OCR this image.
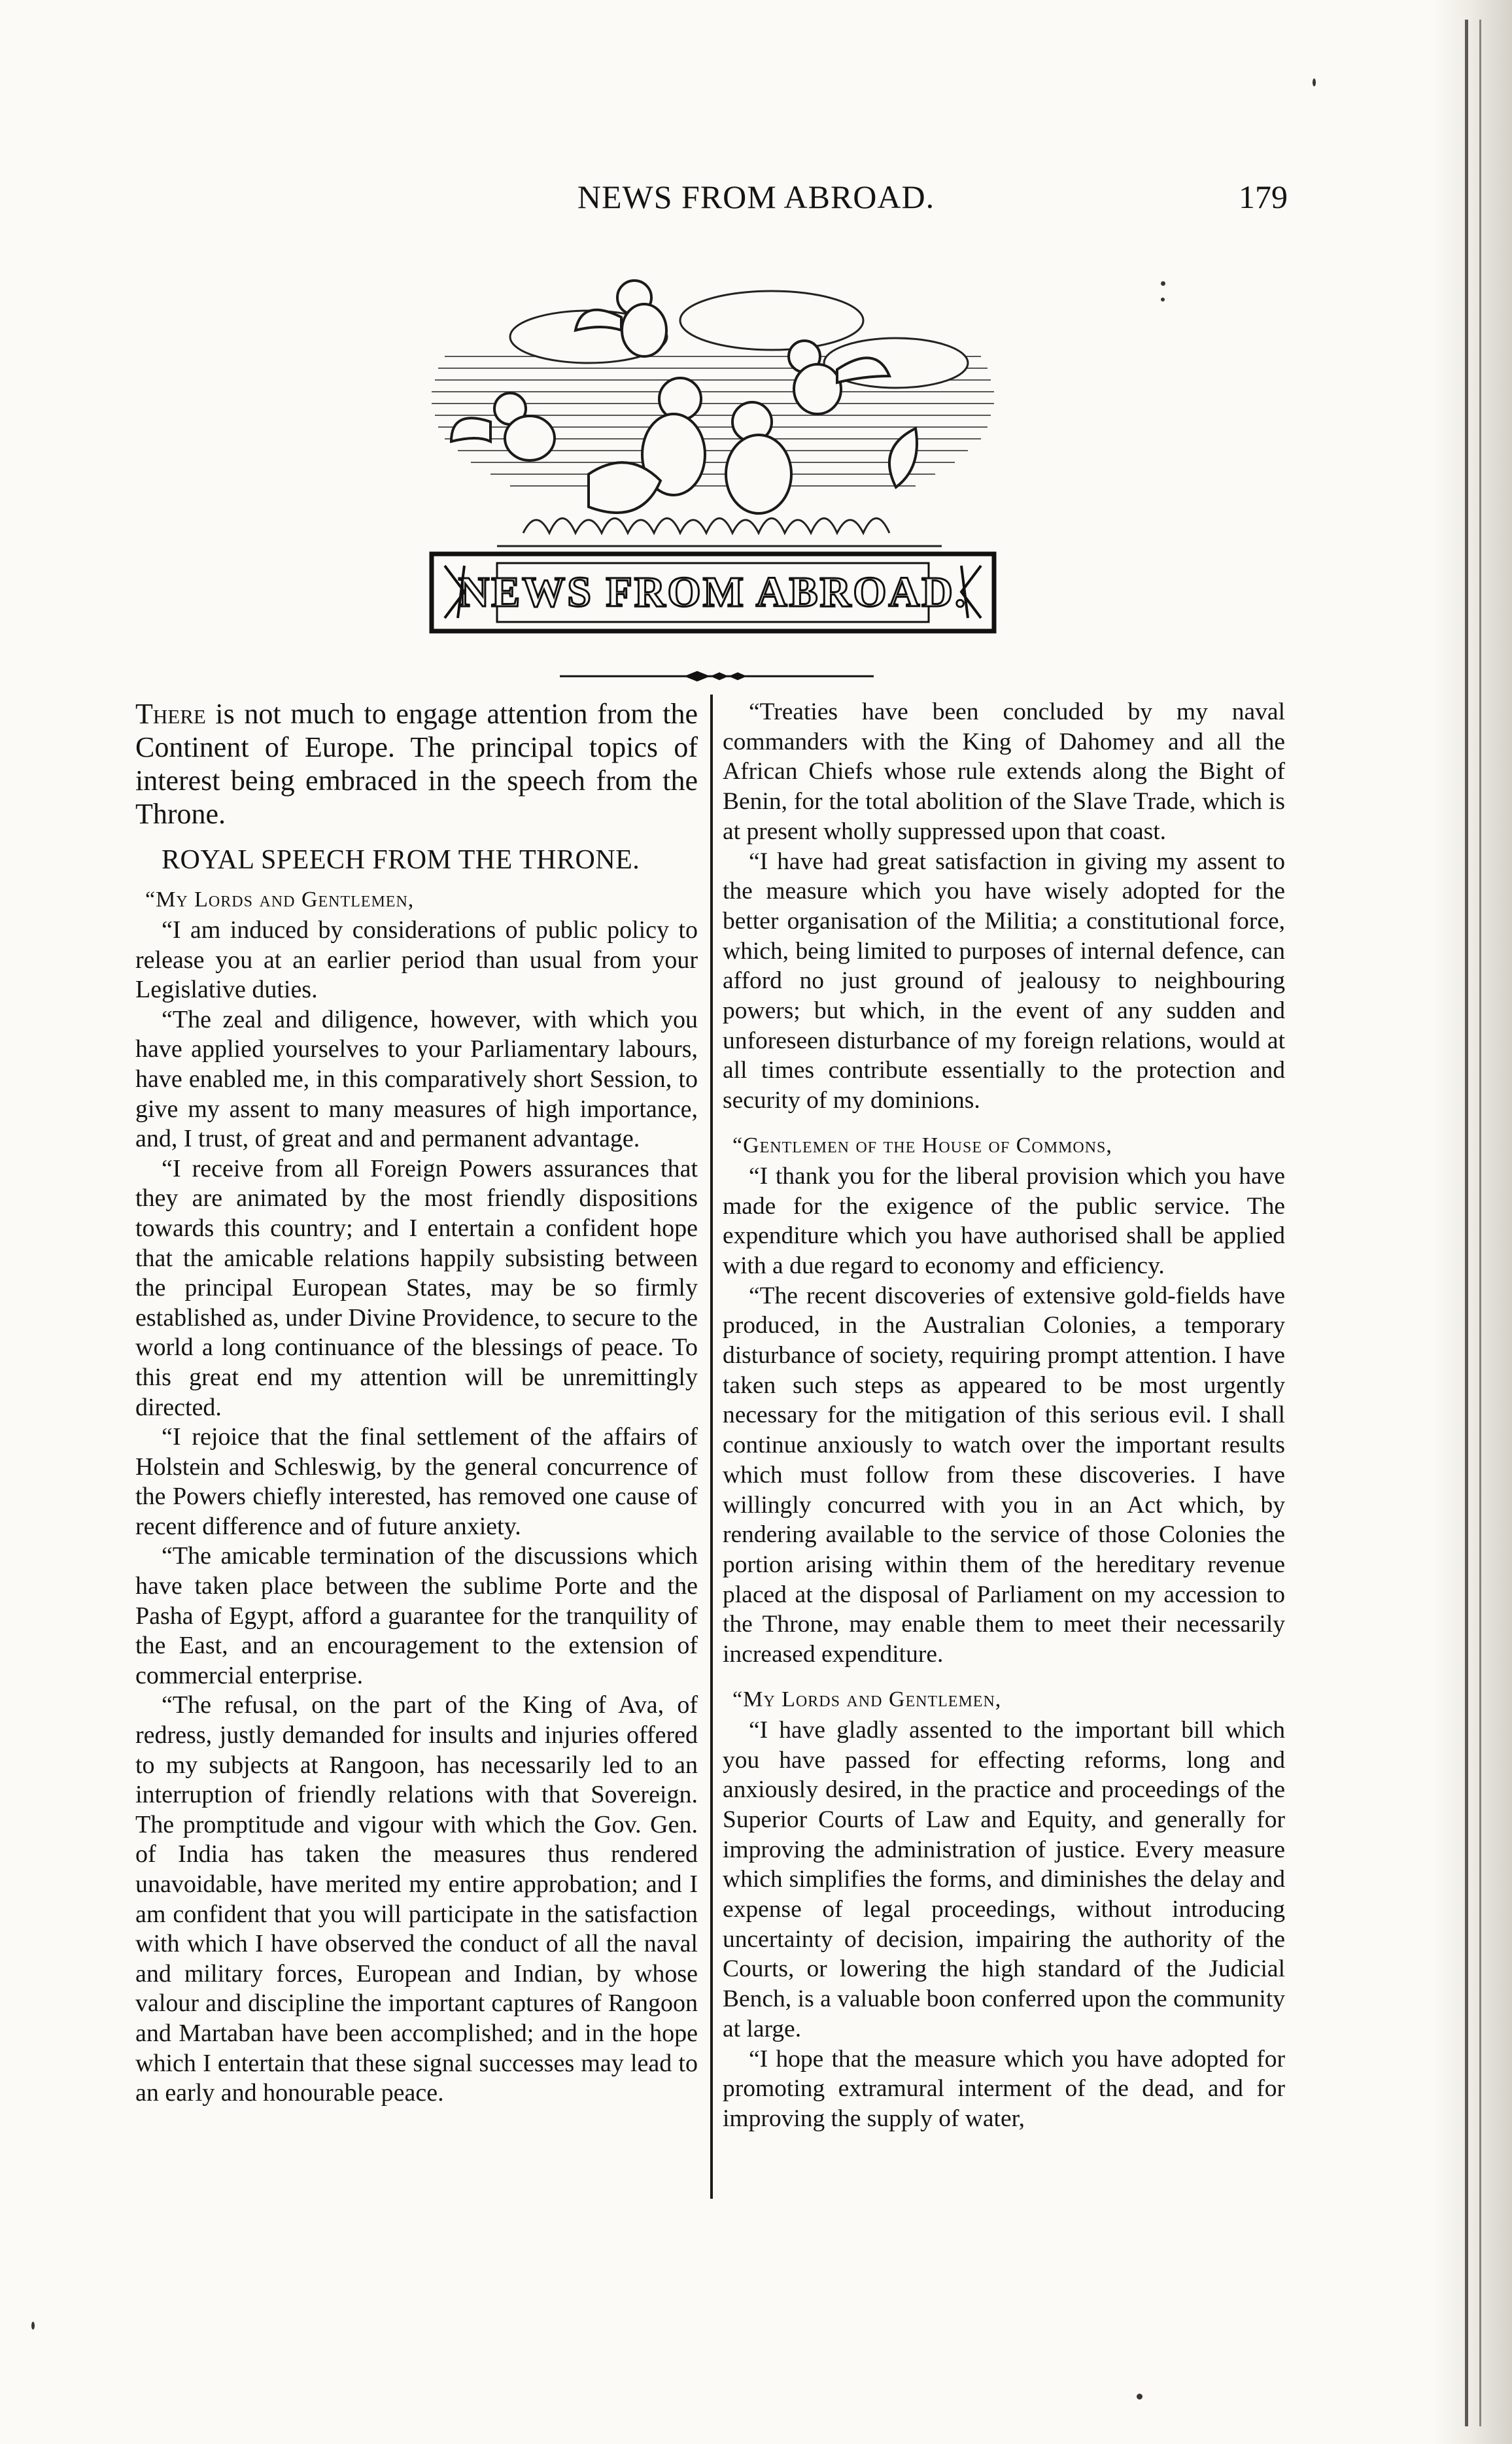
NEWS FROM ABROAD.	179
NEWS FROM ABROAD.

There is not much to engage attention from the Continent of Europe. The principal topics of interest being embraced in the speech from the Throne.

ROYAL SPEECH FROM THE THRONE.
“My Lords and Gentlemen,

“I am induced by considerations of public policy to release you at an earlier period than usual from your Legislative duties.

“The zeal and diligence, however, with which you have applied yourselves to your Parliamentary labours, have enabled me, in this comparatively short Session, to give my assent to many measures of high importance, and, I trust, of great and and permanent advantage.

“I receive from all Foreign Powers assurances that they are animated by the most friendly dispositions towards this country; and I entertain a confident hope that the amicable relations happily subsisting between the principal European States, may be so firmly established as, under Divine Providence, to secure to the world a long continuance of the blessings of peace. To this great end my attention will be unremittingly directed.

“I rejoice that the final settlement of the affairs of Holstein and Schleswig, by the general concurrence of the Powers chiefly interested, has removed one cause of recent difference and of future anxiety.

“The amicable termination of the discussions which have taken place between the sublime Porte and the Pasha of Egypt, afford a guarantee for the tranquility of the East, and an encouragement to the extension of commercial enterprise.

“The refusal, on the part of the King of Ava, of redress, justly demanded for insults and injuries offered to my subjects at Rangoon, has necessarily led to an interruption of friendly relations with that Sovereign. The promptitude and vigour with which the Gov. Gen. of India has taken the measures thus rendered unavoidable, have merited my entire approbation; and I am confident that you will participate in the satisfaction with which I have observed the conduct of all the naval and military forces, European and Indian, by whose valour and discipline the important captures of Rangoon and Martaban have been accomplished; and in the hope which I entertain that these signal successes may lead to an early and honourable peace.

“Treaties have been concluded by my naval commanders with the King of Dahomey and all the African Chiefs whose rule extends along the Bight of Benin, for the total abolition of the Slave Trade, which is at present wholly suppressed upon that coast.

“I have had great satisfaction in giving my assent to the measure which you have wisely adopted for the better organisation of the Militia; a constitutional force, which, being limited to purposes of internal defence, can afford no just ground of jealousy to neighbouring powers; but which, in the event of any sudden and unforeseen disturbance of my foreign relations, would at all times contribute essentially to the protection and security of my dominions.

“Gentlemen of the House of Commons,

“I thank you for the liberal provision which you have made for the exigence of the public service. The expenditure which you have authorised shall be applied with a due regard to economy and efficiency.

“The recent discoveries of extensive gold-fields have produced, in the Australian Colonies, a temporary disturbance of society, requiring prompt attention. I have taken such steps as appeared to be most urgently necessary for the mitigation of this serious evil. I shall continue anxiously to watch over the important results which must follow from these discoveries. I have willingly concurred with you in an Act which, by rendering available to the service of those Colonies the portion arising within them of the hereditary revenue placed at the disposal of Parliament on my accession to the Throne, may enable them to meet their necessarily increased expenditure.

“My Lords and Gentlemen,

“I have gladly assented to the important bill which you have passed for effecting reforms, long and anxiously desired, in the practice and proceedings of the Superior Courts of Law and Equity, and generally for improving the administration of justice. Every measure which simplifies the forms, and diminishes the delay and expense of legal proceedings, without introducing uncertainty of decision, impairing the authority of the Courts, or lowering the high standard of the Judicial Bench, is a valuable boon conferred upon the community at large.

“I hope that the measure which you have adopted for promoting extramural interment of the dead, and for improving the supply of water,
